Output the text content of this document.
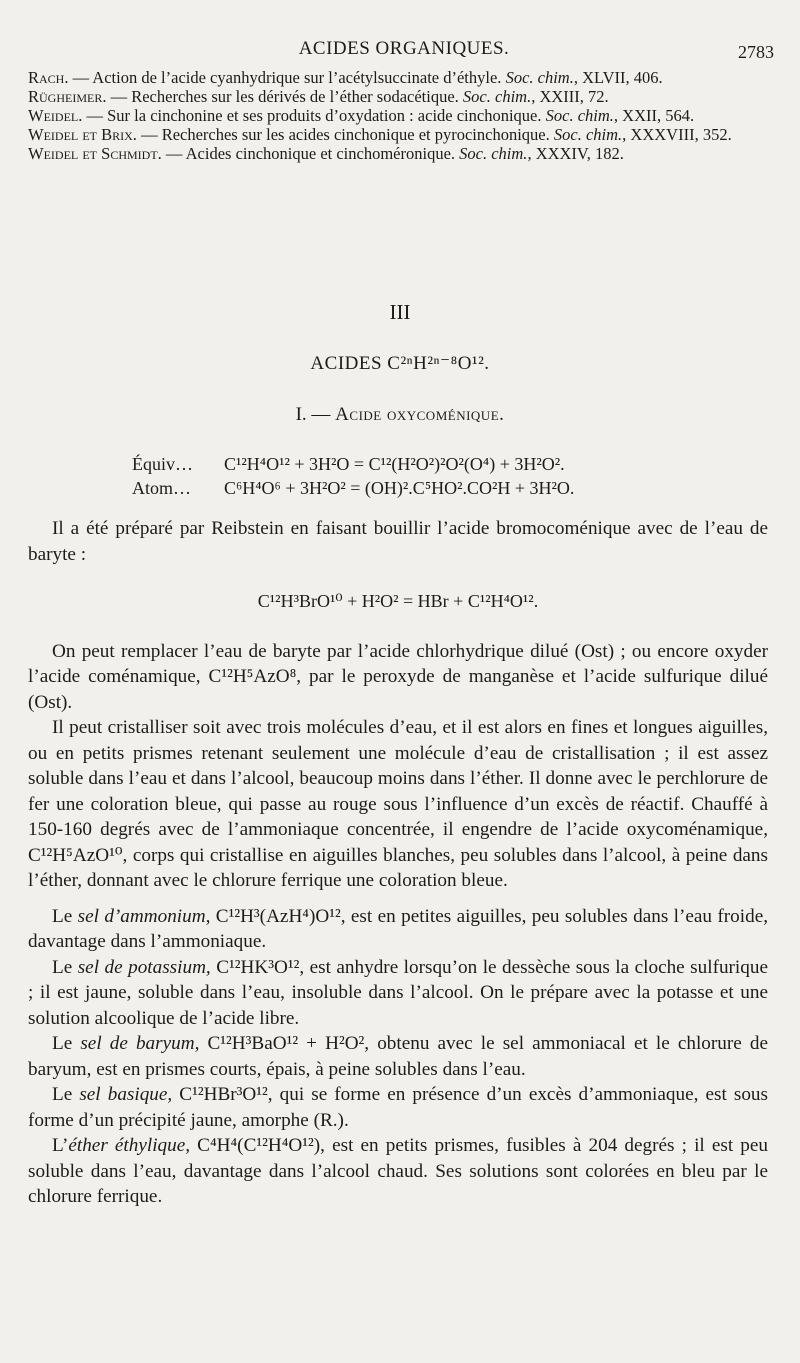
ACIDES ORGANIQUES.	2783

Rach. — Action de l’acide cyanhydrique sur l’acétylsuccinate d’éthyle. Soc. chim., XLVII, 406.

Rügheimer. — Recherches sur les dérivés de l’éther sodacétique. Soc. chim., XXIII, 72.

Weidel. — Sur la cinchonine et ses produits d’oxydation : acide cinchonique. Soc. chim., XXII, 564.

Weidel et Brix. — Recherches sur les acides cinchonique et pyrocinchonique. Soc. chim., XXXVIII, 352.

Weidel et Schmidt. — Acides cinchonique et cinchoméronique. Soc. chim., XXXIV, 182.

III
ACIDES C²ⁿH²ⁿ⁻⁸O¹².
I. — Acide oxycoménique.
Équiv… C¹²H⁴O¹² + 3H²O = C¹²(H²O²)²O²(O⁴) + 3H²O².
Atom… C⁶H⁴O⁶ + 3H²O² = (OH)².C⁵HO².CO²H + 3H²O.

Il a été préparé par Reibstein en faisant bouillir l’acide bromocoménique avec de l’eau de baryte :

C¹²H³BrO¹⁰ + H²O² = HBr + C¹²H⁴O¹².

On peut remplacer l’eau de baryte par l’acide chlorhydrique dilué (Ost) ; ou encore oxyder l’acide coménamique, C¹²H⁵AzO⁸, par le peroxyde de manganèse et l’acide sulfurique dilué (Ost).

Il peut cristalliser soit avec trois molécules d’eau, et il est alors en fines et longues aiguilles, ou en petits prismes retenant seulement une molécule d’eau de cristallisation ; il est assez soluble dans l’eau et dans l’alcool, beaucoup moins dans l’éther. Il donne avec le perchlorure de fer une coloration bleue, qui passe au rouge sous l’influence d’un excès de réactif. Chauffé à 150-160 degrés avec de l’ammoniaque concentrée, il engendre de l’acide oxycoménamique, C¹²H⁵AzO¹⁰, corps qui cristallise en aiguilles blanches, peu solubles dans l’alcool, à peine dans l’éther, donnant avec le chlorure ferrique une coloration bleue.

Le sel d’ammonium, C¹²H³(AzH⁴)O¹², est en petites aiguilles, peu solubles dans l’eau froide, davantage dans l’ammoniaque.

Le sel de potassium, C¹²HK³O¹², est anhydre lorsqu’on le dessèche sous la cloche sulfurique ; il est jaune, soluble dans l’eau, insoluble dans l’alcool. On le prépare avec la potasse et une solution alcoolique de l’acide libre.

Le sel de baryum, C¹²H³BaO¹² + H²O², obtenu avec le sel ammoniacal et le chlorure de baryum, est en prismes courts, épais, à peine solubles dans l’eau.

Le sel basique, C¹²HBr³O¹², qui se forme en présence d’un excès d’ammoniaque, est sous forme d’un précipité jaune, amorphe (R.).

L’éther éthylique, C⁴H⁴(C¹²H⁴O¹²), est en petits prismes, fusibles à 204 degrés ; il est peu soluble dans l’eau, davantage dans l’alcool chaud. Ses solutions sont colorées en bleu par le chlorure ferrique.
